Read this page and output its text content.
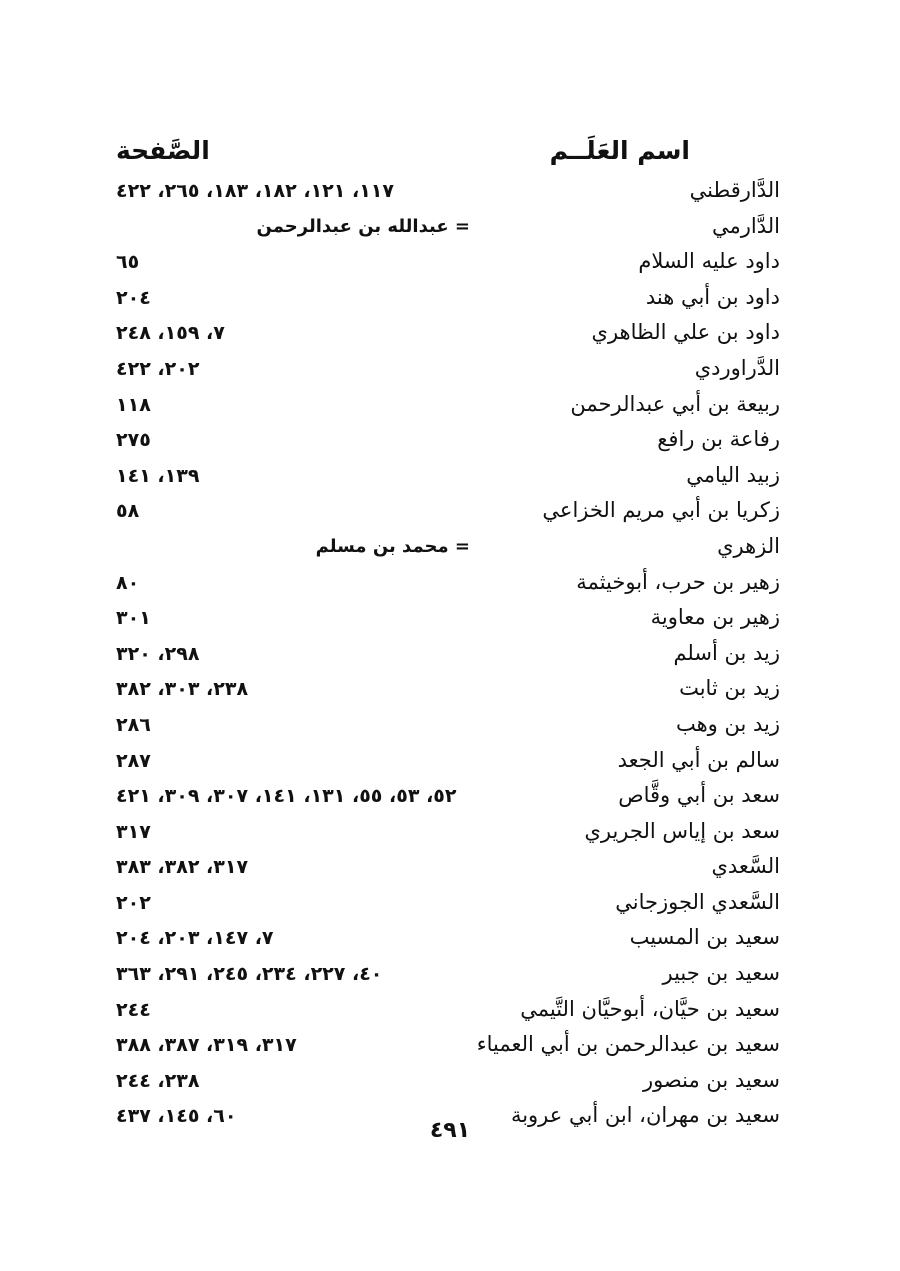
اسم العَلَــم
الصَّفحة
الدَّارقطني
١١٧، ١٢١، ١٨٢، ١٨٣، ٢٦٥، ٤٢٢
الدَّارمي
= عبدالله بن عبدالرحمن
داود عليه السلام
٦٥
داود بن أبي هند
٢٠٤
داود بن علي الظاهري
٧، ١٥٩، ٢٤٨
الدَّراوردي
٢٠٢، ٤٢٢
ربيعة بن أبي عبدالرحمن
١١٨
رفاعة بن رافع
٢٧٥
زبيد اليامي
١٣٩، ١٤١
زكريا بن أبي مريم الخزاعي
٥٨
الزهري
= محمد بن مسلم
زهير بن حرب، أبوخيثمة
٨٠
زهير بن معاوية
٣٠١
زيد بن أسلم
٢٩٨، ٣٢٠
زيد بن ثابت
٢٣٨، ٣٠٣، ٣٨٢
زيد بن وهب
٢٨٦
سالم بن أبي الجعد
٢٨٧
سعد بن أبي وقَّاص
٥٢، ٥٣، ٥٥، ١٣١، ١٤١، ٣٠٧، ٣٠٩، ٤٢١
سعد بن إياس الجريري
٣١٧
السَّعدي
٣١٧، ٣٨٢، ٣٨٣
السَّعدي الجوزجاني
٢٠٢
سعيد بن المسيب
٧، ١٤٧، ٢٠٣، ٢٠٤
سعيد بن جبير
٤٠، ٢٢٧، ٢٣٤، ٢٤٥، ٢٩١، ٣٦٣
سعيد بن حيَّان، أبوحيَّان التَّيمي
٢٤٤
سعيد بن عبدالرحمن بن أبي العمياء
٣١٧، ٣١٩، ٣٨٧، ٣٨٨
سعيد بن منصور
٢٣٨، ٢٤٤
سعيد بن مهران، ابن أبي عروبة
٦٠، ١٤٥، ٤٣٧
٤٩١
